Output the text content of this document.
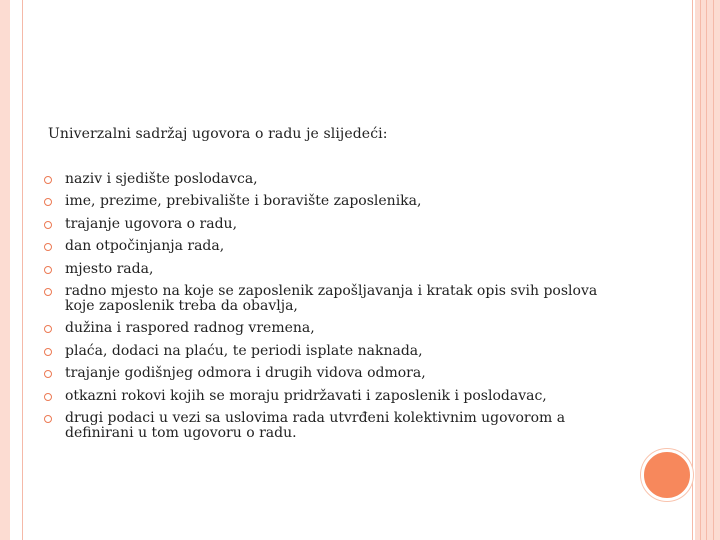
Univerzalni sadržaj ugovora o radu je slijedeći:

naziv i sjedište poslodavca,
ime, prezime, prebivalište i boravište zaposlenika,
trajanje ugovora o radu,
dan otpočinjanja rada,
mjesto rada,
radno mjesto na koje se zaposlenik zapošljavanja i kratak opis svih poslova koje zaposlenik treba da obavlja,
dužina i raspored radnog vremena,
plaća, dodaci na plaću, te periodi isplate naknada,
trajanje godišnjeg odmora i drugih vidova odmora,
otkazni rokovi kojih se moraju pridržavati i zaposlenik i poslodavac,
drugi podaci u vezi sa uslovima rada utvrđeni kolektivnim ugovorom a definirani u tom ugovoru o radu.
